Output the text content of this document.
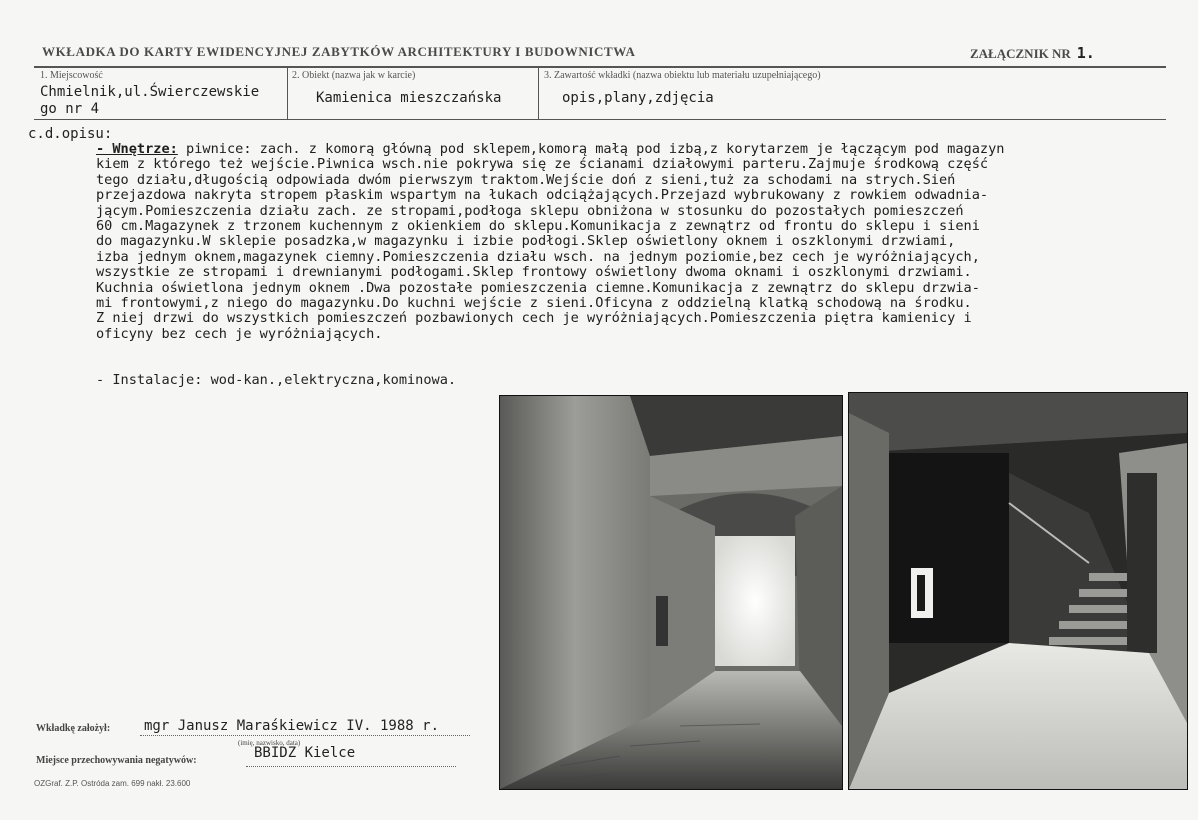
WKŁADKA DO KARTY EWIDENCYJNEJ ZABYTKÓW ARCHITEKTURY I BUDOWNICTWA	ZAŁĄCZNIK NR 1.
1. Miejscowość
Chmielnik,ul.Świerczewskie
go nr 4
2. Obiekt (nazwa jak w karcie)
Kamienica mieszczańska
3. Zawartość wkładki (nazwa obiektu lub materiału uzupełniającego)
opis,plany,zdjęcia
c.d.opisu:
- Wnętrze: piwnice: zach. z komorą główną pod sklepem,komorą małą pod izbą,z korytarzem je łączącym pod magazyn
kiem z którego też wejście.Piwnica wsch.nie pokrywa się ze ścianami działowymi parteru.Zajmuje środkową część
tego działu,długością odpowiada dwóm pierwszym traktom.Wejście doń z sieni,tuż za schodami na strych.Sień
przejazdowa nakryta stropem płaskim wspartym na łukach odciążających.Przejazd wybrukowany z rowkiem odwadnia-
jącym.Pomieszczenia działu zach. ze stropami,podłoga sklepu obniżona w stosunku do pozostałych pomieszczeń
60 cm.Magazynek z trzonem kuchennym z okienkiem do sklepu.Komunikacja z zewnątrz od frontu do sklepu i sieni
do magazynku.W sklepie posadzka,w magazynku i izbie podłogi.Sklep oświetlony oknem i oszklonymi drzwiami,
izba jednym oknem,magazynek ciemny.Pomieszczenia działu wsch. na jednym poziomie,bez cech je wyróżniających,
wszystkie ze stropami i drewnianymi podłogami.Sklep frontowy oświetlony dwoma oknami i oszklonymi drzwiami.
Kuchnia oświetlona jednym oknem .Dwa pozostałe pomieszczenia ciemne.Komunikacja z zewnątrz do sklepu drzwia-
mi frontowymi,z niego do magazynku.Do kuchni wejście z sieni.Oficyna z oddzielną klatką schodową na środku.
Z niej drzwi do wszystkich pomieszczeń pozbawionych cech je wyróżniających.Pomieszczenia piętra kamienicy i
oficyny bez cech je wyróżniających.
- Instalacje: wod-kan.,elektryczna,kominowa.
Wkładkę założył: mgr Janusz Maraśkiewicz IV. 1988 r.
(imię, nazwisko, data)
Miejsce przechowywania negatywów:	BBIDZ Kielce
OZGraf. Z.P. Ostróda zam. 699 nakł. 23.600
